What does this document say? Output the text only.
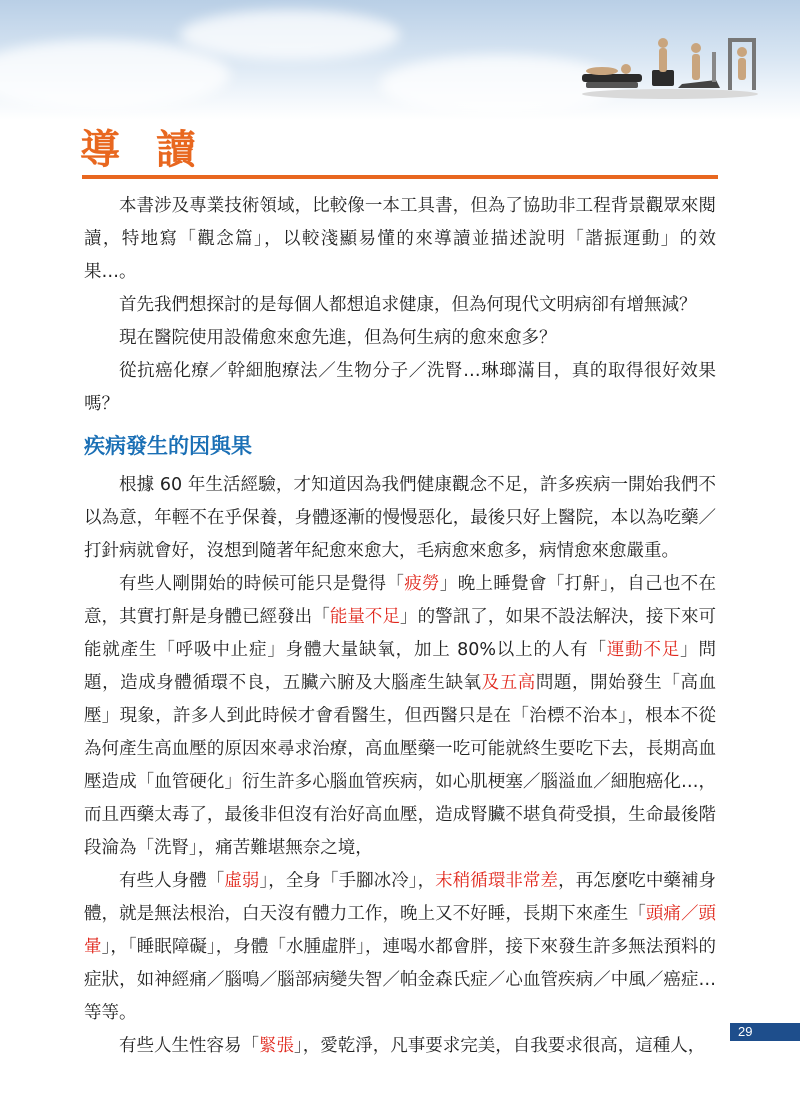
導讀

本書涉及專業技術領域，比較像一本工具書，但為了協助非工程背景觀眾來閱讀，特地寫「觀念篇」，以較淺顯易懂的來導讀並描述說明「諧振運動」的效果…。

首先我們想探討的是每個人都想追求健康，但為何現代文明病卻有增無減？

現在醫院使用設備愈來愈先進，但為何生病的愈來愈多？

從抗癌化療／幹細胞療法／生物分子／洗腎…琳瑯滿目，真的取得很好效果嗎？

疾病發生的因與果

根據 60 年生活經驗，才知道因為我們健康觀念不足，許多疾病一開始我們不以為意，年輕不在乎保養，身體逐漸的慢慢惡化，最後只好上醫院，本以為吃藥／打針病就會好，沒想到隨著年紀愈來愈大，毛病愈來愈多，病情愈來愈嚴重。

有些人剛開始的時候可能只是覺得「疲勞」晚上睡覺會「打鼾」，自己也不在意，其實打鼾是身體已經發出「能量不足」的警訊了，如果不設法解決，接下來可能就產生「呼吸中止症」身體大量缺氧，加上 80%以上的人有「運動不足」問題，造成身體循環不良，五臟六腑及大腦產生缺氧及五高問題，開始發生「高血壓」現象，許多人到此時候才會看醫生，但西醫只是在「治標不治本」，根本不從為何產生高血壓的原因來尋求治療，高血壓藥一吃可能就終生要吃下去，長期高血壓造成「血管硬化」衍生許多心腦血管疾病，如心肌梗塞／腦溢血／細胞癌化…，而且西藥太毒了，最後非但沒有治好高血壓，造成腎臟不堪負荷受損，生命最後階段淪為「洗腎」，痛苦難堪無奈之境，

有些人身體「虛弱」，全身「手腳冰冷」，末稍循環非常差，再怎麼吃中藥補身體，就是無法根治，白天沒有體力工作，晚上又不好睡，長期下來產生「頭痛／頭暈」，「睡眠障礙」，身體「水腫虛胖」，連喝水都會胖，接下來發生許多無法預料的症狀，如神經痛／腦鳴／腦部病變失智／帕金森氏症／心血管疾病／中風／癌症…等等。

有些人生性容易「緊張」，愛乾淨，凡事要求完美，自我要求很高，這種人，

29
